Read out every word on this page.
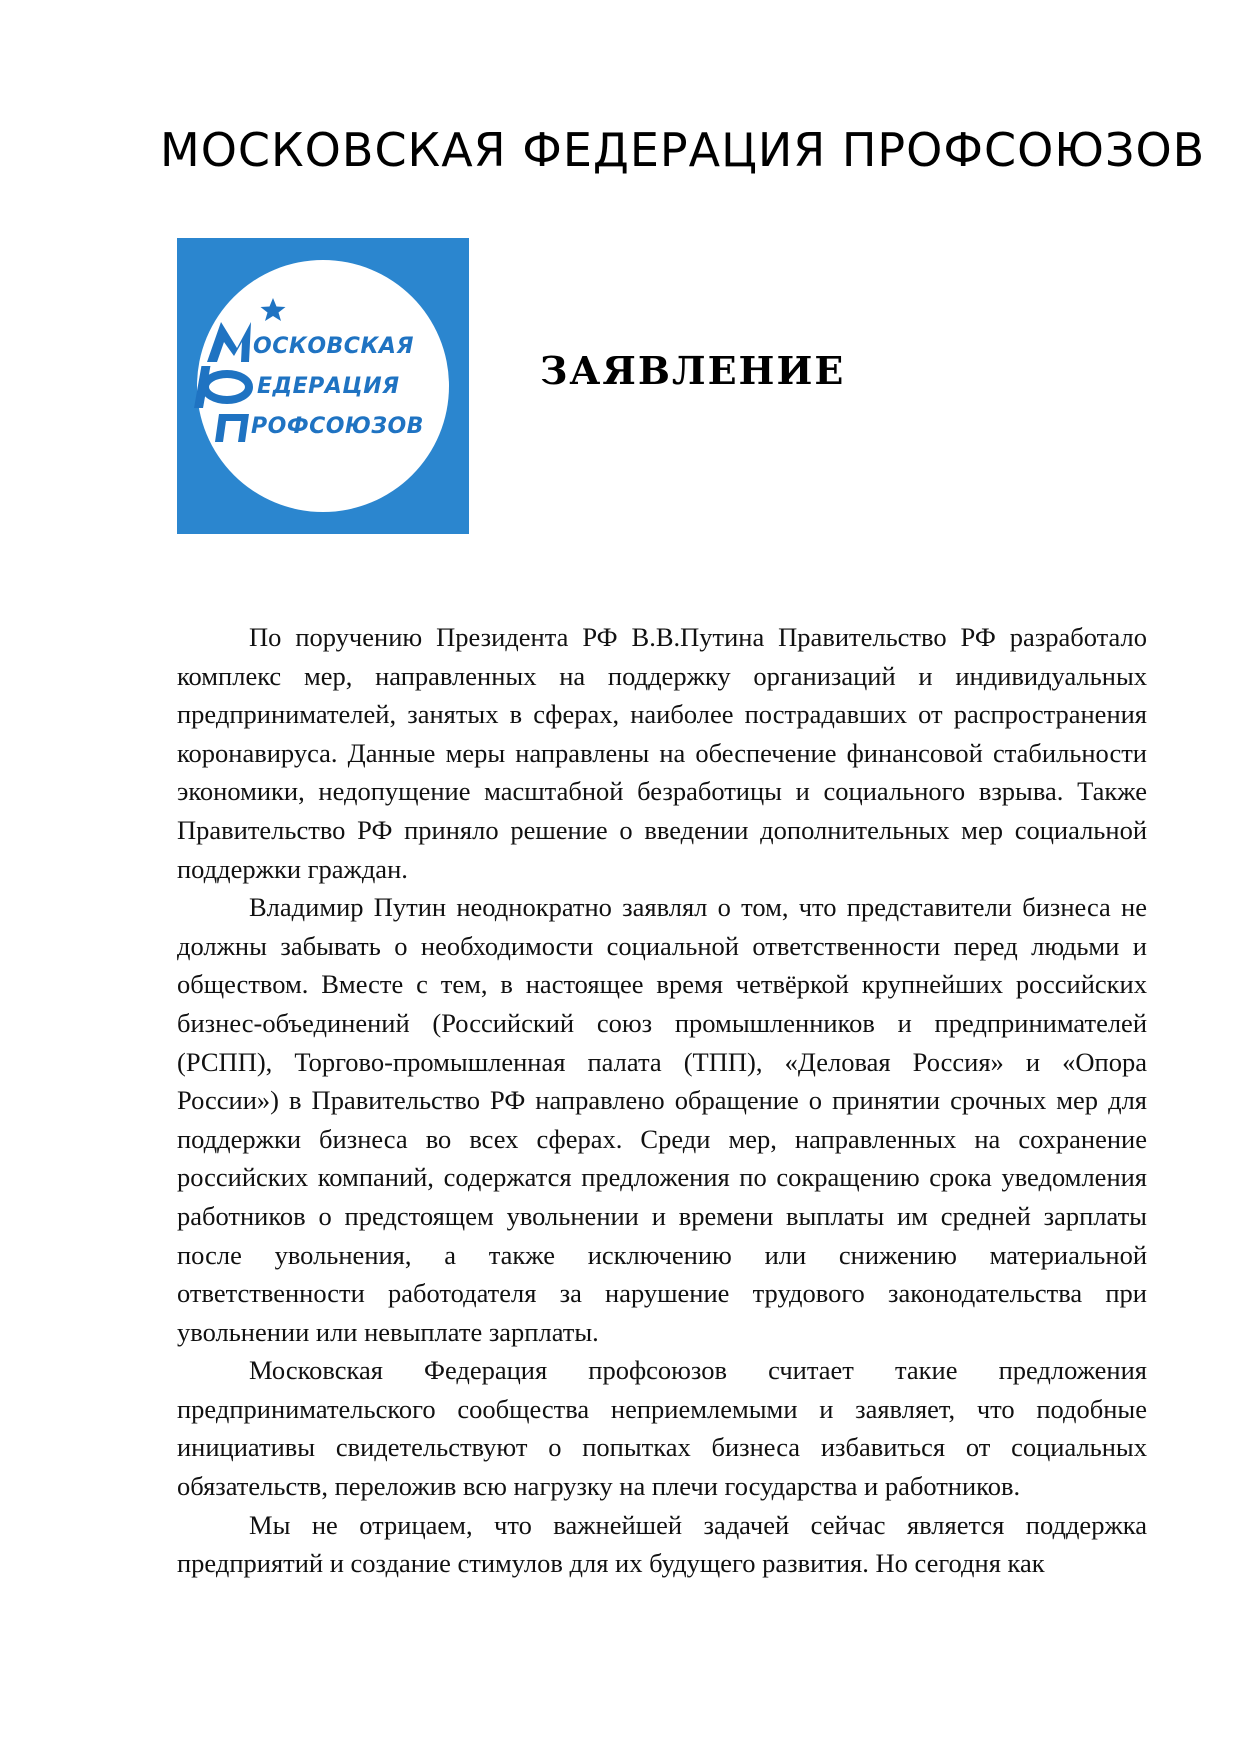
МОСКОВСКАЯ ФЕДЕРАЦИЯ ПРОФСОЮЗОВ
ОСКОВСКАЯ
ЕДЕРАЦИЯ
РОФСОЮЗОВ
ЗАЯВЛЕНИЕ

По поручению Президента РФ В.В.Путина Правительство РФ разработало комплекс мер, направленных на поддержку организаций и индивидуальных предпринимателей, занятых в сферах, наиболее пострадавших от распространения коронавируса. Данные меры направлены на обеспечение финансовой стабильности экономики, недопущение масштабной безработицы и социального взрыва. Также Правительство РФ приняло решение о введении дополнительных мер социальной поддержки граждан.

Владимир Путин неоднократно заявлял о том, что представители бизнеса не должны забывать о необходимости социальной ответственности перед людьми и обществом. Вместе с тем, в настоящее время четвёркой крупнейших российских бизнес-объединений (Российский союз промышленников и предпринимателей (РСПП), Торгово-промышленная палата (ТПП), «Деловая Россия» и «Опора России») в Правительство РФ направлено обращение о принятии срочных мер для поддержки бизнеса во всех сферах. Среди мер, направленных на сохранение российских компаний, содержатся предложения по сокращению срока уведомления работников о предстоящем увольнении и времени выплаты им средней зарплаты после увольнения, а также исключению или снижению материальной ответственности работодателя за нарушение трудового законодательства при увольнении или невыплате зарплаты.

Московская Федерация профсоюзов считает такие предложения предпринимательского сообщества неприемлемыми и заявляет, что подобные инициативы свидетельствуют о попытках бизнеса избавиться от социальных обязательств, переложив всю нагрузку на плечи государства и работников.

Мы не отрицаем, что важнейшей задачей сейчас является поддержка предприятий и создание стимулов для их будущего развития. Но сегодня как
